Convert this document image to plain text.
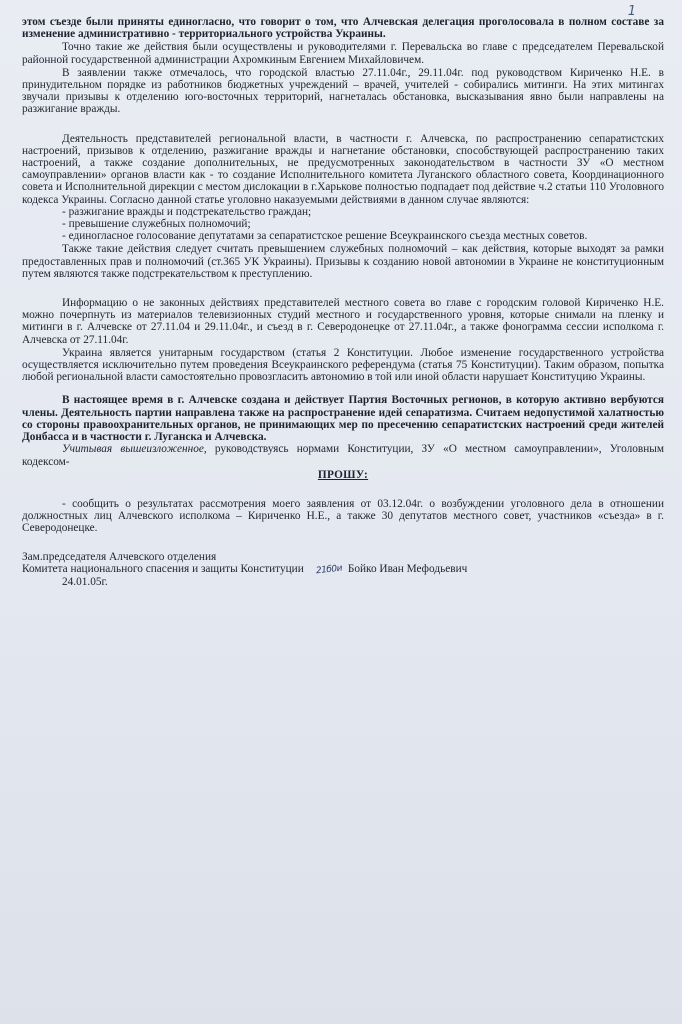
1

этом съезде были приняты единогласно, что говорит о том, что Алчевская делегация проголосовала в полном составе за изменение административно - территориального устройства Украины.

Точно такие же действия были осуществлены и руководителями г. Перевальска во главе с председателем Перевальской районной государственной администрации Ахромкиным Евгением Михайловичем.

В заявлении также отмечалось, что городской властью 27.11.04г., 29.11.04г. под руководством Кириченко Н.Е. в принудительном порядке из работников бюджетных учреждений – врачей, учителей - собирались митинги. На этих митингах звучали призывы к отделению юго-восточных территорий, нагнеталась обстановка, высказывания явно были направлены на разжигание вражды.

Деятельность представителей региональной власти, в частности г. Алчевска, по распространению сепаратистских настроений, призывов к отделению, разжигание вражды и нагнетание обстановки, способствующей распространению таких настроений, а также создание дополнительных, не предусмотренных законодательством в частности ЗУ «О местном самоуправлении» органов власти как - то создание Исполнительного комитета Луганского областного совета, Координационного совета и Исполнительной дирекции с местом дислокации в г.Харькове полностью подпадает под действие ч.2 статьи 110 Уголовного кодекса Украины. Согласно данной статье уголовно наказуемыми действиями в данном случае являются:

- разжигание вражды и подстрекательство граждан;

- превышение служебных полномочий;

- единогласное голосование депутатами за сепаратистское решение Всеукраинского съезда местных советов.

Также такие действия следует считать превышением служебных полномочий – как действия, которые выходят за рамки предоставленных прав и полномочий (ст.365 УК Украины). Призывы к созданию новой автономии в Украине не конституционным путем являются также подстрекательством к преступлению.

Информацию о не законных действиях представителей местного совета во главе с городским головой Кириченко Н.Е. можно почерпнуть из материалов телевизионных студий местного и государственного уровня, которые снимали на пленку и митинги в г. Алчевске от 27.11.04 и 29.11.04г., и съезд в г. Северодонецке от 27.11.04г., а также фонограмма сессии исполкома г. Алчевска от 27.11.04г.

Украина является унитарным государством (статья 2 Конституции. Любое изменение государственного устройства осуществляется исключительно путем проведения Всеукраинского референдума (статья 75 Конституции). Таким образом, попытка любой региональной власти самостоятельно провозгласить автономию в той или иной области нарушает Конституцию Украины.

В настоящее время в г. Алчевске создана и действует Партия Восточных регионов, в которую активно вербуются члены. Деятельность партии направлена также на распространение идей сепаратизма. Считаем недопустимой халатностью со стороны правоохранительных органов, не принимающих мер по пресечению сепаратистских настроений среди жителей Донбасса и в частности г. Луганска и Алчевска.

Учитывая вышеизложенное, руководствуясь нормами Конституции, ЗУ «О местном самоуправлении», Уголовным кодексом-

ПРОШУ:

- сообщить о результатах рассмотрения моего заявления от 03.12.04г. о возбуждении уголовного дела в отношении должностных лиц Алчевского исполкома – Кириченко Н.Е., а также 30 депутатов местного совет, участников «съезда» в г. Северодонецке.

Зам.председателя Алчевского отделения
Комитета национального спасения и защиты Конституции 21б0и Бойко Иван Мефодьевич
24.01.05г.
